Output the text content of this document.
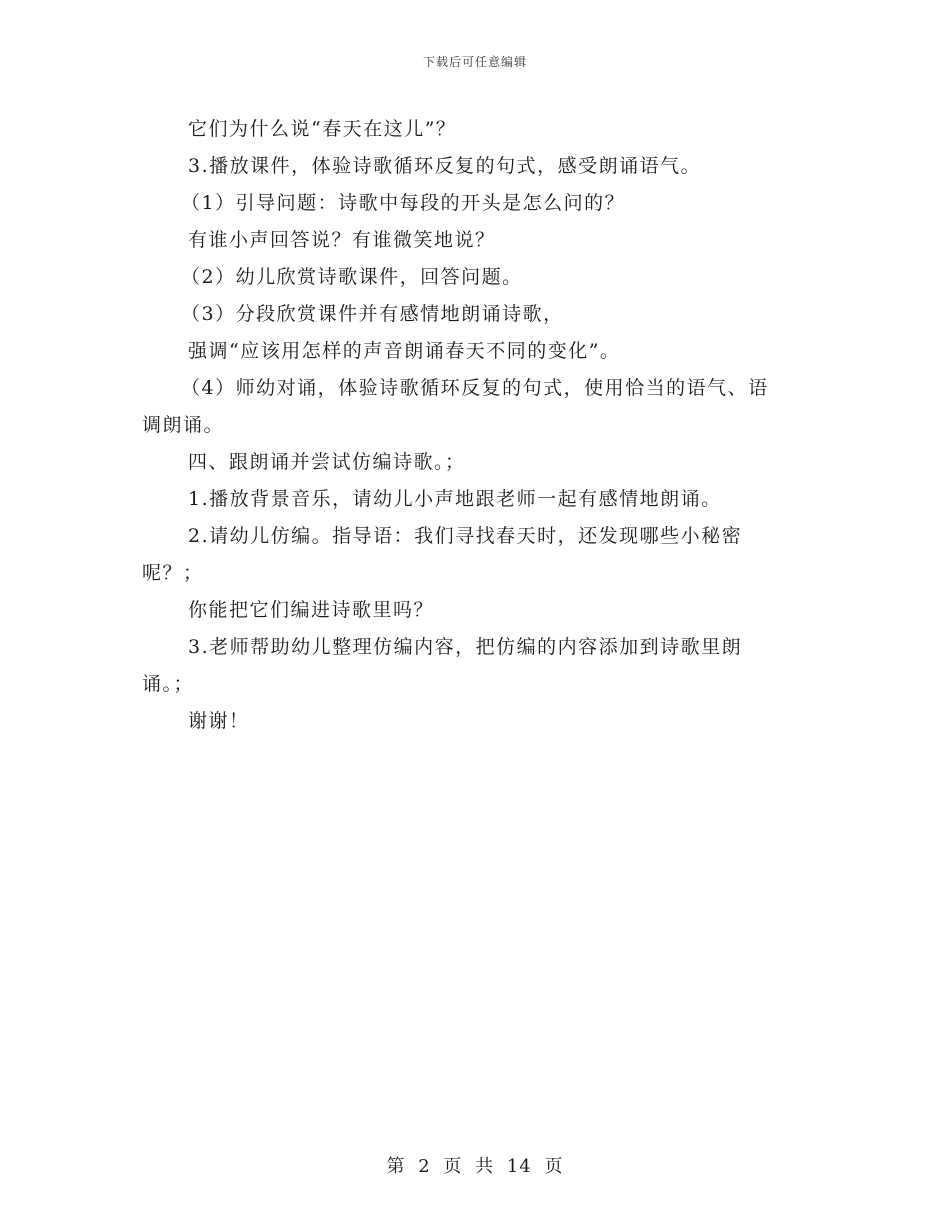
下载后可任意编辑
它们为什么说“春天在这儿”？
3.播放课件，体验诗歌循环反复的句式，感受朗诵语气。
（1）引导问题：诗歌中每段的开头是怎么问的？
有谁小声回答说？有谁微笑地说？
（2）幼儿欣赏诗歌课件，回答问题。
（3）分段欣赏课件并有感情地朗诵诗歌，
强调“应该用怎样的声音朗诵春天不同的变化”。
（4）师幼对诵，体验诗歌循环反复的句式，使用恰当的语气、语
调朗诵。
四、跟朗诵并尝试仿编诗歌。；
1.播放背景音乐，请幼儿小声地跟老师一起有感情地朗诵。
2.请幼儿仿编。指导语：我们寻找春天时，还发现哪些小秘密
呢？；
你能把它们编进诗歌里吗？
3.老师帮助幼儿整理仿编内容，把仿编的内容添加到诗歌里朗
诵。；
谢谢！
第 2 页 共 14 页
